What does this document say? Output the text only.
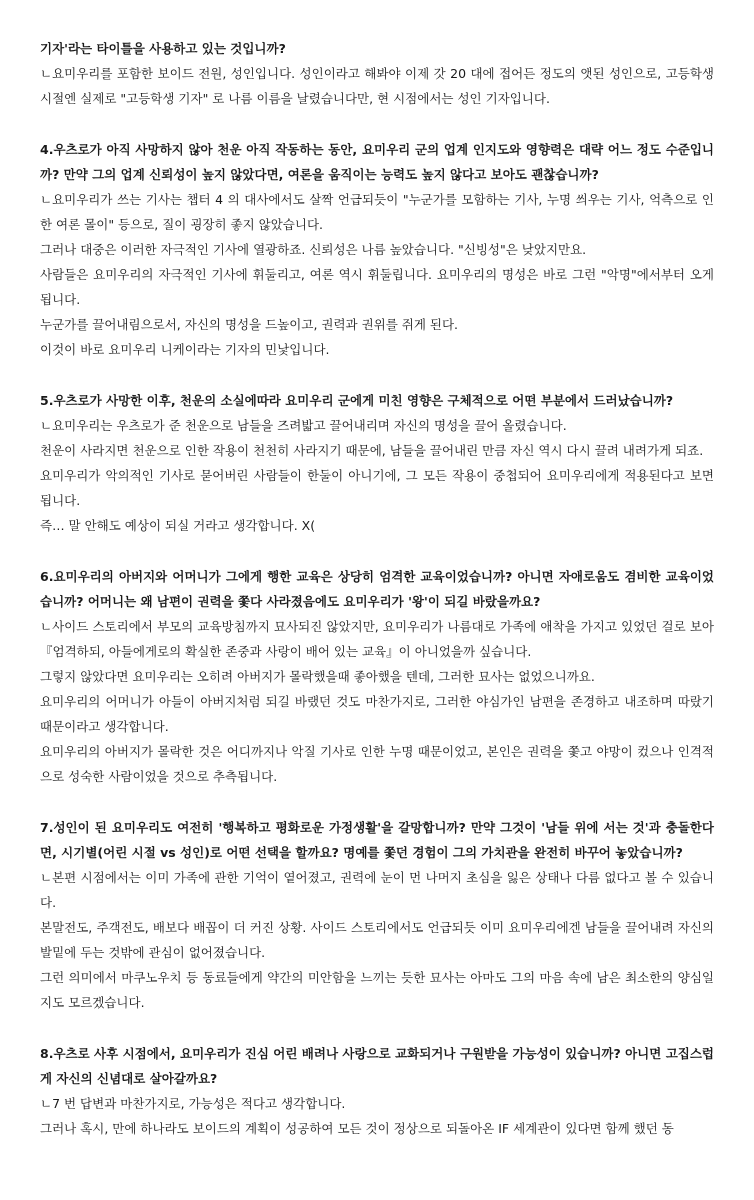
기자'라는 타이틀을 사용하고 있는 것입니까?

ㄴ요미우리를 포함한 보이드 전원, 성인입니다. 성인이라고 해봐야 이제 갓 20 대에 접어든 정도의 앳된 성인으로, 고등학생 시절엔 실제로 "고등학생 기자" 로 나름 이름을 날렸습니다만, 현 시점에서는 성인 기자입니다.

4.우츠로가 아직 사망하지 않아 천운 아직 작동하는 동안, 요미우리 군의 업계 인지도와 영향력은 대략 어느 정도 수준입니까? 만약 그의 업계 신뢰성이 높지 않았다면, 여론을 움직이는 능력도 높지 않다고 보아도 괜찮습니까?

ㄴ요미우리가 쓰는 기사는 챕터 4 의 대사에서도 살짝 언급되듯이 "누군가를 모함하는 기사, 누명 씌우는 기사, 억측으로 인한 여론 몰이" 등으로, 질이 굉장히 좋지 않았습니다.

그러나 대중은 이러한 자극적인 기사에 열광하죠. 신뢰성은 나름 높았습니다. "신빙성"은 낮았지만요.

사람들은 요미우리의 자극적인 기사에 휘둘리고, 여론 역시 휘둘립니다. 요미우리의 명성은 바로 그런 "악명"에서부터 오게 됩니다.

누군가를 끌어내림으로서, 자신의 명성을 드높이고, 권력과 권위를 쥐게 된다.

이것이 바로 요미우리 니케이라는 기자의 민낯입니다.

5.우츠로가 사망한 이후, 천운의 소실에따라 요미우리 군에게 미친 영향은 구체적으로 어떤 부분에서 드러났습니까?

ㄴ요미우리는 우츠로가 준 천운으로 남들을 즈려밟고 끌어내리며 자신의 명성을 끌어 올렸습니다.

천운이 사라지면 천운으로 인한 작용이 천천히 사라지기 때문에, 남들을 끌어내린 만큼 자신 역시 다시 끌려 내려가게 되죠.

요미우리가 악의적인 기사로 묻어버린 사람들이 한둘이 아니기에, 그 모든 작용이 중첩되어 요미우리에게 적용된다고 보면 됩니다.

즉… 말 안해도 예상이 되실 거라고 생각합니다. X(

6.요미우리의 아버지와 어머니가 그에게 행한 교육은 상당히 엄격한 교육이었습니까? 아니면 자애로움도 겸비한 교육이었습니까? 어머니는 왜 남편이 권력을 쫓다 사라졌음에도 요미우리가 '왕'이 되길 바랐을까요?

ㄴ사이드 스토리에서 부모의 교육방침까지 묘사되진 않았지만, 요미우리가 나름대로 가족에 애착을 가지고 있었던 걸로 보아 『엄격하되, 아들에게로의 확실한 존중과 사랑이 배어 있는 교육』이 아니었을까 싶습니다.

그렇지 않았다면 요미우리는 오히려 아버지가 몰락했을때 좋아했을 텐데, 그러한 묘사는 없었으니까요.

요미우리의 어머니가 아들이 아버지처럼 되길 바랬던 것도 마찬가지로, 그러한 야심가인 남편을 존경하고 내조하며 따랐기 때문이라고 생각합니다.

요미우리의 아버지가 몰락한 것은 어디까지나 악질 기사로 인한 누명 때문이었고, 본인은 권력을 쫓고 야망이 컸으나 인격적으로 성숙한 사람이었을 것으로 추측됩니다.

7.성인이 된 요미우리도 여전히 '행복하고 평화로운 가정생활'을 갈망합니까? 만약 그것이 '남들 위에 서는 것'과 충돌한다면, 시기별(어린 시절 vs 성인)로 어떤 선택을 할까요? 명예를 쫓던 경험이 그의 가치관을 완전히 바꾸어 놓았습니까?

ㄴ본편 시점에서는 이미 가족에 관한 기억이 옅어졌고, 권력에 눈이 먼 나머지 초심을 잃은 상태나 다름 없다고 볼 수 있습니다.

본말전도, 주객전도, 배보다 배꼽이 더 커진 상황. 사이드 스토리에서도 언급되듯 이미 요미우리에겐 남들을 끌어내려 자신의 발밑에 두는 것밖에 관심이 없어졌습니다.

그런 의미에서 마쿠노우치 등 동료들에게 약간의 미안함을 느끼는 듯한 묘사는 아마도 그의 마음 속에 남은 최소한의 양심일지도 모르겠습니다.

8.우츠로 사후 시점에서, 요미우리가 진심 어린 배려나 사랑으로 교화되거나 구원받을 가능성이 있습니까? 아니면 고집스럽게 자신의 신념대로 살아갈까요?

ㄴ7 번 답변과 마찬가지로, 가능성은 적다고 생각합니다.

그러나 혹시, 만에 하나라도 보이드의 계획이 성공하여 모든 것이 정상으로 되돌아온 IF 세계관이 있다면 함께 했던 동
